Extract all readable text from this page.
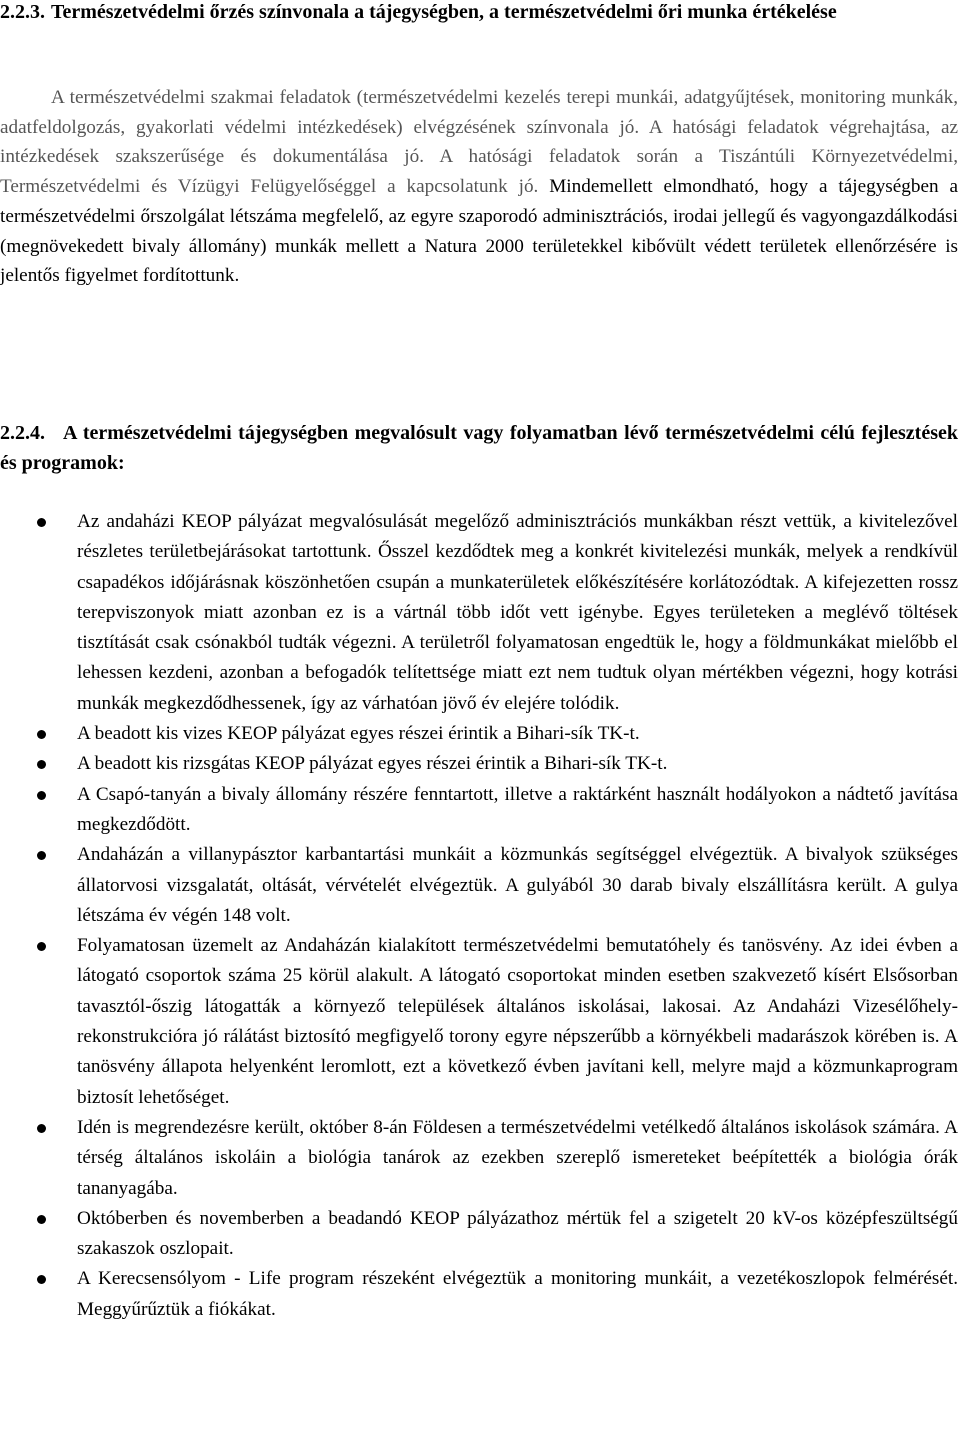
2.2.3. Természetvédelmi őrzés színvonala a tájegységben, a természetvédelmi őri munka értékelése

A természetvédelmi szakmai feladatok (természetvédelmi kezelés terepi munkái, adatgyűjtések, monitoring munkák, adatfeldolgozás, gyakorlati védelmi intézkedések) elvégzésének színvonala jó. A hatósági feladatok végrehajtása, az intézkedések szakszerűsége és dokumentálása jó. A hatósági feladatok során a Tiszántúli Környezetvédelmi, Természetvédelmi és Vízügyi Felügyelőséggel a kapcsolatunk jó. Mindemellett elmondható, hogy a tájegységben a természetvédelmi őrszolgálat létszáma megfelelő, az egyre szaporodó adminisztrációs, irodai jellegű és vagyongazdálkodási (megnövekedett bivaly állomány) munkák mellett a Natura 2000 területekkel kibővült védett területek ellenőrzésére is jelentős figyelmet fordítottunk.

2.2.4. A természetvédelmi tájegységben megvalósult vagy folyamatban lévő természetvédelmi célú fejlesztések és programok:
Az andaházi KEOP pályázat megvalósulását megelőző adminisztrációs munkákban részt vettük, a kivitelezővel részletes területbejárásokat tartottunk. Ősszel kezdődtek meg a konkrét kivitelezési munkák, melyek a rendkívül csapadékos időjárásnak köszönhetően csupán a munkaterületek előkészítésére korlátozódtak. A kifejezetten rossz terepviszonyok miatt azonban ez is a vártnál több időt vett igénybe. Egyes területeken a meglévő töltések tisztítását csak csónakból tudták végezni. A területről folyamatosan engedtük le, hogy a földmunkákat mielőbb el lehessen kezdeni, azonban a befogadók telítettsége miatt ezt nem tudtuk olyan mértékben végezni, hogy kotrási munkák megkezdődhessenek, így az várhatóan jövő év elejére tolódik.
A beadott kis vizes KEOP pályázat egyes részei érintik a Bihari-sík TK-t.
A beadott kis rizsgátas KEOP pályázat egyes részei érintik a Bihari-sík TK-t.
A Csapó-tanyán a bivaly állomány részére fenntartott, illetve a raktárként használt hodályokon a nádtető javítása megkezdődött.
Andaházán a villanypásztor karbantartási munkáit a közmunkás segítséggel elvégeztük. A bivalyok szükséges állatorvosi vizsgalatát, oltását, vérvételét elvégeztük. A gulyából 30 darab bivaly elszállításra került. A gulya létszáma év végén 148 volt.
Folyamatosan üzemelt az Andaházán kialakított természetvédelmi bemutatóhely és tanösvény. Az idei évben a látogató csoportok száma 25 körül alakult. A látogató csoportokat minden esetben szakvezető kísért Elsősorban tavasztól-őszig látogatták a környező települések általános iskolásai, lakosai. Az Andaházi Vizesélőhely-rekonstrukcióra jó rálátást biztosító megfigyelő torony egyre népszerűbb a környékbeli madarászok körében is. A tanösvény állapota helyenként leromlott, ezt a következő évben javítani kell, melyre majd a közmunkaprogram biztosít lehetőséget.
Idén is megrendezésre került, október 8-án Földesen a természetvédelmi vetélkedő általános iskolások számára. A térség általános iskoláin a biológia tanárok az ezekben szereplő ismereteket beépítették a biológia órák tananyagába.
Októberben és novemberben a beadandó KEOP pályázathoz mértük fel a szigetelt 20 kV-os középfeszültségű szakaszok oszlopait.
A Kerecsensólyom - Life program részeként elvégeztük a monitoring munkáit, a vezetékoszlopok felmérését. Meggyűrűztük a fiókákat.
